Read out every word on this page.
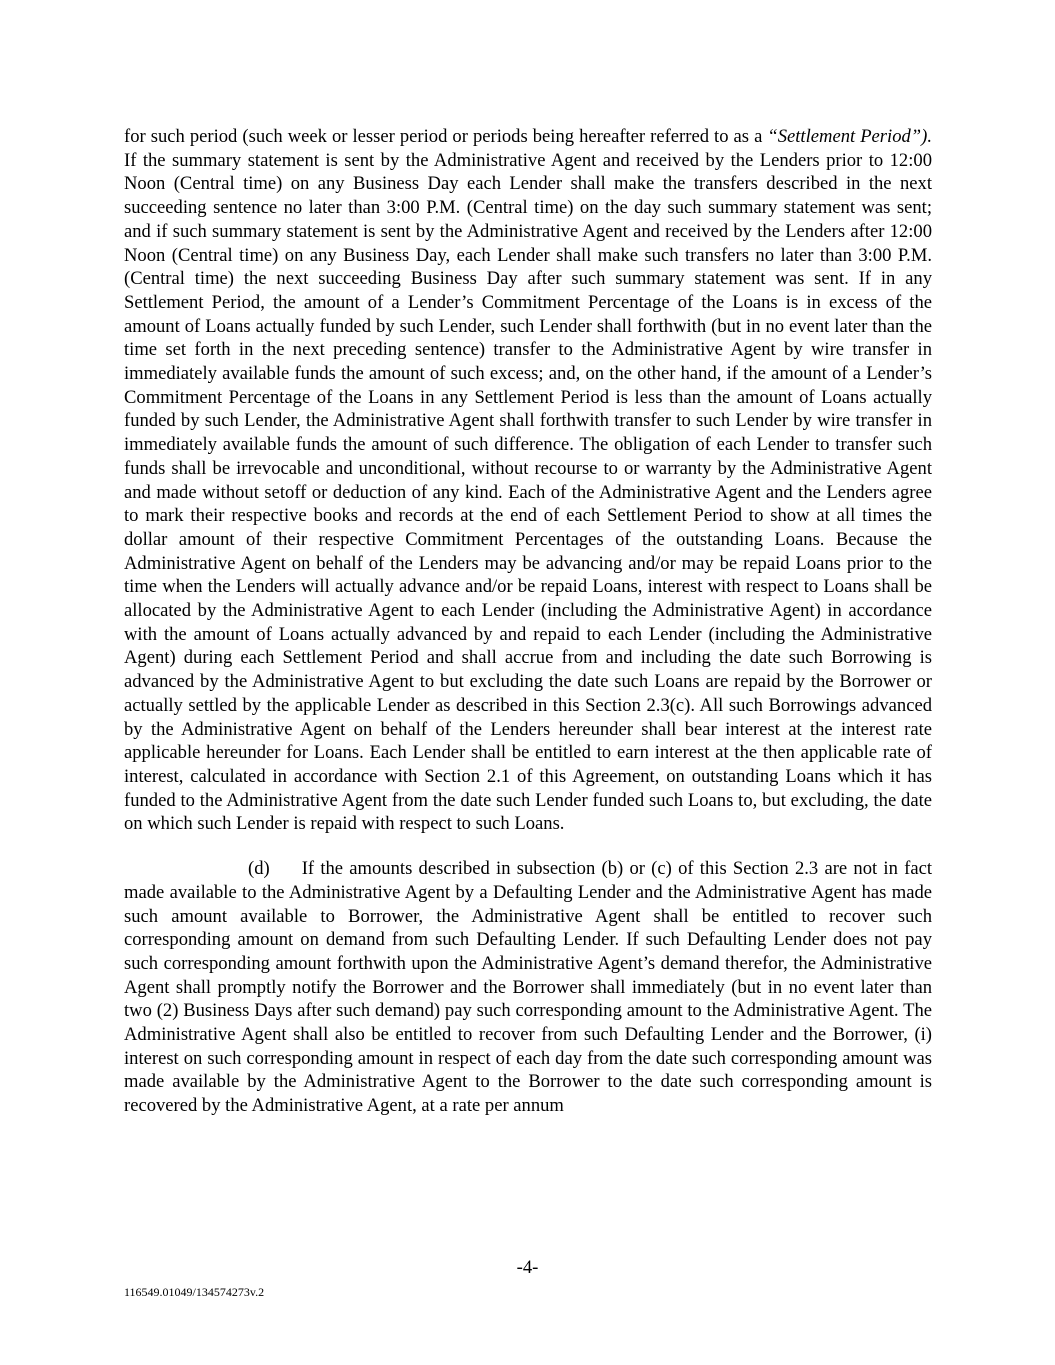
for such period (such week or lesser period or periods being hereafter referred to as a “Settlement Period”). If the summary statement is sent by the Administrative Agent and received by the Lenders prior to 12:00 Noon (Central time) on any Business Day each Lender shall make the transfers described in the next succeeding sentence no later than 3:00 P.M. (Central time) on the day such summary statement was sent; and if such summary statement is sent by the Administrative Agent and received by the Lenders after 12:00 Noon (Central time) on any Business Day, each Lender shall make such transfers no later than 3:00 P.M. (Central time) the next succeeding Business Day after such summary statement was sent. If in any Settlement Period, the amount of a Lender’s Commitment Percentage of the Loans is in excess of the amount of Loans actually funded by such Lender, such Lender shall forthwith (but in no event later than the time set forth in the next preceding sentence) transfer to the Administrative Agent by wire transfer in immediately available funds the amount of such excess; and, on the other hand, if the amount of a Lender’s Commitment Percentage of the Loans in any Settlement Period is less than the amount of Loans actually funded by such Lender, the Administrative Agent shall forthwith transfer to such Lender by wire transfer in immediately available funds the amount of such difference. The obligation of each Lender to transfer such funds shall be irrevocable and unconditional, without recourse to or warranty by the Administrative Agent and made without setoff or deduction of any kind. Each of the Administrative Agent and the Lenders agree to mark their respective books and records at the end of each Settlement Period to show at all times the dollar amount of their respective Commitment Percentages of the outstanding Loans. Because the Administrative Agent on behalf of the Lenders may be advancing and/or may be repaid Loans prior to the time when the Lenders will actually advance and/or be repaid Loans, interest with respect to Loans shall be allocated by the Administrative Agent to each Lender (including the Administrative Agent) in accordance with the amount of Loans actually advanced by and repaid to each Lender (including the Administrative Agent) during each Settlement Period and shall accrue from and including the date such Borrowing is advanced by the Administrative Agent to but excluding the date such Loans are repaid by the Borrower or actually settled by the applicable Lender as described in this Section 2.3(c). All such Borrowings advanced by the Administrative Agent on behalf of the Lenders hereunder shall bear interest at the interest rate applicable hereunder for Loans. Each Lender shall be entitled to earn interest at the then applicable rate of interest, calculated in accordance with Section 2.1 of this Agreement, on outstanding Loans which it has funded to the Administrative Agent from the date such Lender funded such Loans to, but excluding, the date on which such Lender is repaid with respect to such Loans.

(d) If the amounts described in subsection (b) or (c) of this Section 2.3 are not in fact made available to the Administrative Agent by a Defaulting Lender and the Administrative Agent has made such amount available to Borrower, the Administrative Agent shall be entitled to recover such corresponding amount on demand from such Defaulting Lender. If such Defaulting Lender does not pay such corresponding amount forthwith upon the Administrative Agent’s demand therefor, the Administrative Agent shall promptly notify the Borrower and the Borrower shall immediately (but in no event later than two (2) Business Days after such demand) pay such corresponding amount to the Administrative Agent. The Administrative Agent shall also be entitled to recover from such Defaulting Lender and the Borrower, (i) interest on such corresponding amount in respect of each day from the date such corresponding amount was made available by the Administrative Agent to the Borrower to the date such corresponding amount is recovered by the Administrative Agent, at a rate per annum

-4-
116549.01049/134574273v.2
